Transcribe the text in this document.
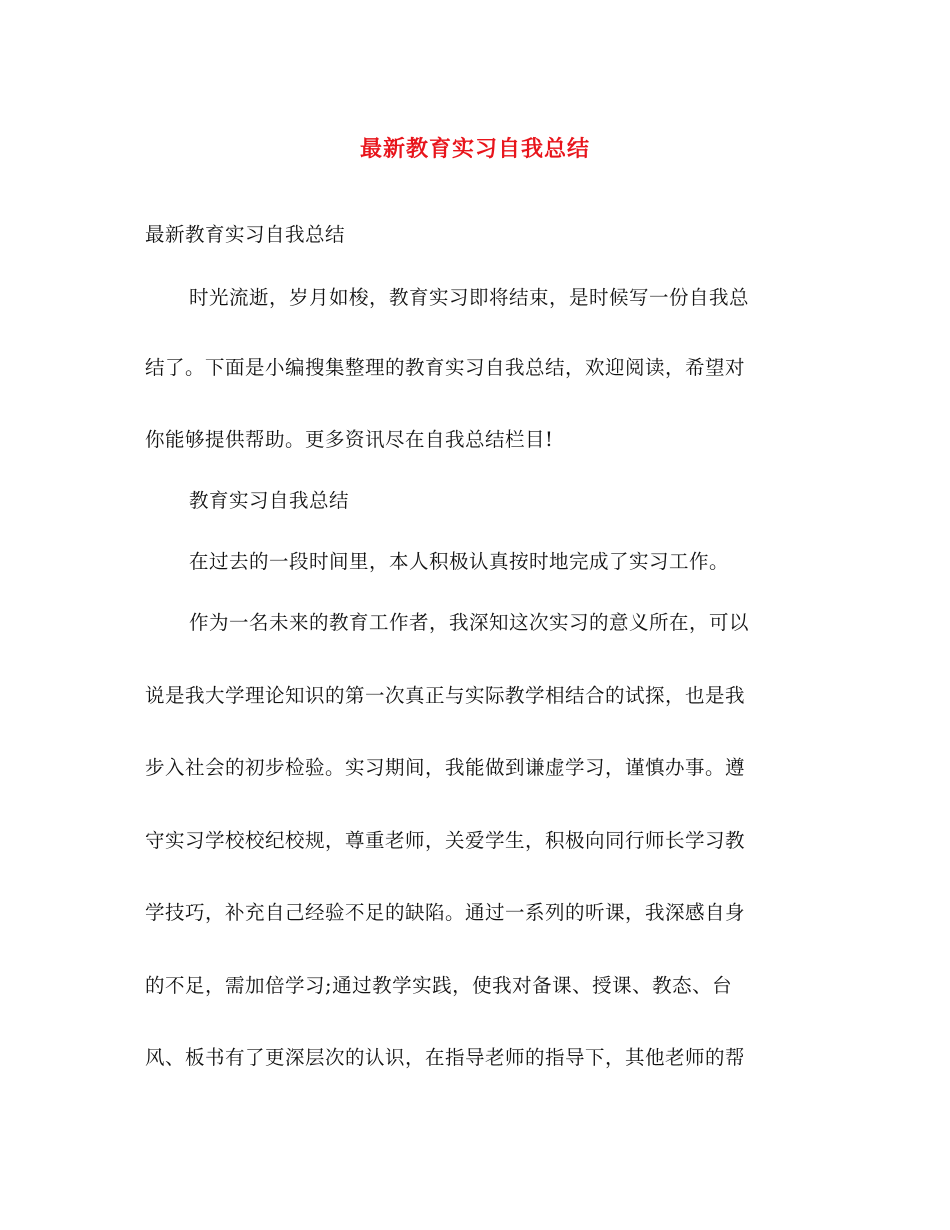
最新教育实习自我总结
最新教育实习自我总结
时光流逝，岁月如梭，教育实习即将结束，是时候写一份自我总
结了。下面是小编搜集整理的教育实习自我总结，欢迎阅读，希望对
你能够提供帮助。更多资讯尽在自我总结栏目!
教育实习自我总结
在过去的一段时间里，本人积极认真按时地完成了实习工作。
作为一名未来的教育工作者，我深知这次实习的意义所在，可以
说是我大学理论知识的第一次真正与实际教学相结合的试探，也是我
步入社会的初步检验。实习期间，我能做到谦虚学习，谨慎办事。遵
守实习学校校纪校规，尊重老师，关爱学生，积极向同行师长学习教
学技巧，补充自己经验不足的缺陷。通过一系列的听课，我深感自身
的不足，需加倍学习;通过教学实践，使我对备课、授课、教态、台
风、板书有了更深层次的认识，在指导老师的指导下，其他老师的帮
